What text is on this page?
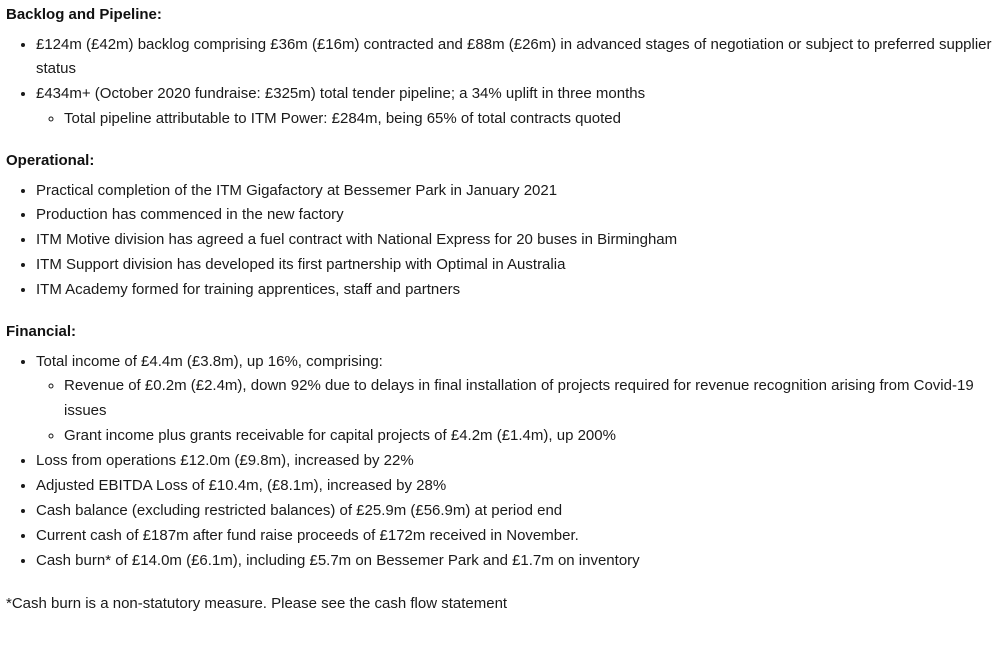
Backlog and Pipeline:
• £124m (£42m) backlog comprising £36m (£16m) contracted and £88m (£26m) in advanced stages of negotiation or subject to preferred supplier status
• £434m+ (October 2020 fundraise: £325m) total tender pipeline; a 34% uplift in three months
◦ Total pipeline attributable to ITM Power: £284m, being 65% of total contracts quoted
Operational:
• Practical completion of the ITM Gigafactory at Bessemer Park in January 2021
• Production has commenced in the new factory
• ITM Motive division has agreed a fuel contract with National Express for 20 buses in Birmingham
• ITM Support division has developed its first partnership with Optimal in Australia
• ITM Academy formed for training apprentices, staff and partners
Financial:
• Total income of £4.4m (£3.8m), up 16%, comprising:
◦ Revenue of £0.2m (£2.4m), down 92% due to delays in final installation of projects required for revenue recognition arising from Covid-19 issues
◦ Grant income plus grants receivable for capital projects of £4.2m (£1.4m), up 200%
• Loss from operations £12.0m (£9.8m), increased by 22%
• Adjusted EBITDA Loss of £10.4m, (£8.1m), increased by 28%
• Cash balance (excluding restricted balances) of £25.9m (£56.9m) at period end
• Current cash of £187m after fund raise proceeds of £172m received in November.
• Cash burn* of £14.0m (£6.1m), including £5.7m on Bessemer Park and £1.7m on inventory
*Cash burn is a non-statutory measure. Please see the cash flow statement
